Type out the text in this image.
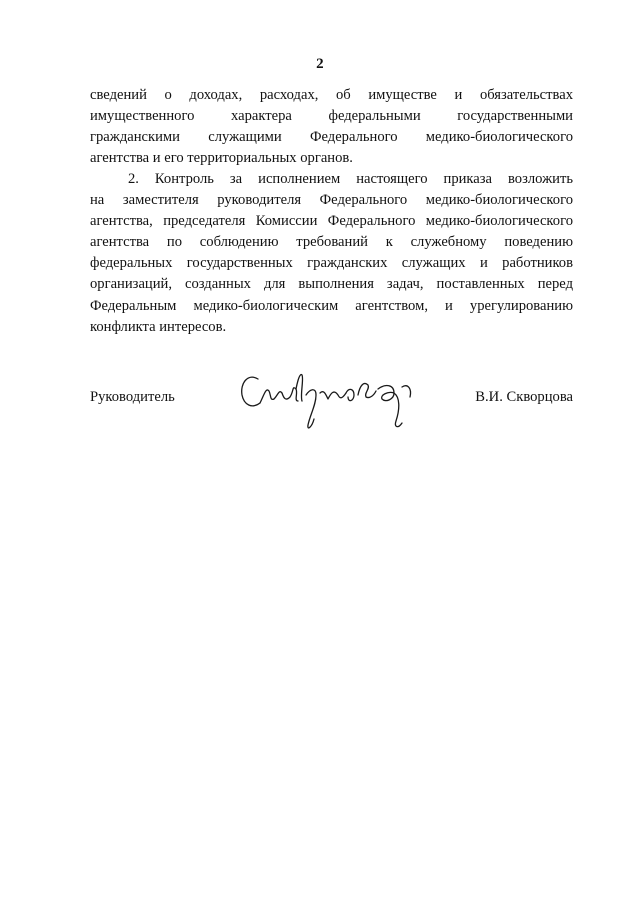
2
сведений о доходах, расходах, об имуществе и обязательствах
имущественного характера федеральными государственными
гражданскими служащими Федерального медико-биологического
агентства и его территориальных органов.
2. Контроль за исполнением настоящего приказа возложить
на заместителя руководителя Федерального медико-биологического
агентства, председателя Комиссии Федерального медико-биологического
агентства по соблюдению требований к служебному поведению
федеральных государственных гражданских служащих и работников
организаций, созданных для выполнения задач, поставленных перед
Федеральным медико-биологическим агентством, и урегулированию
конфликта интересов.
Руководитель	В.И. Скворцова
